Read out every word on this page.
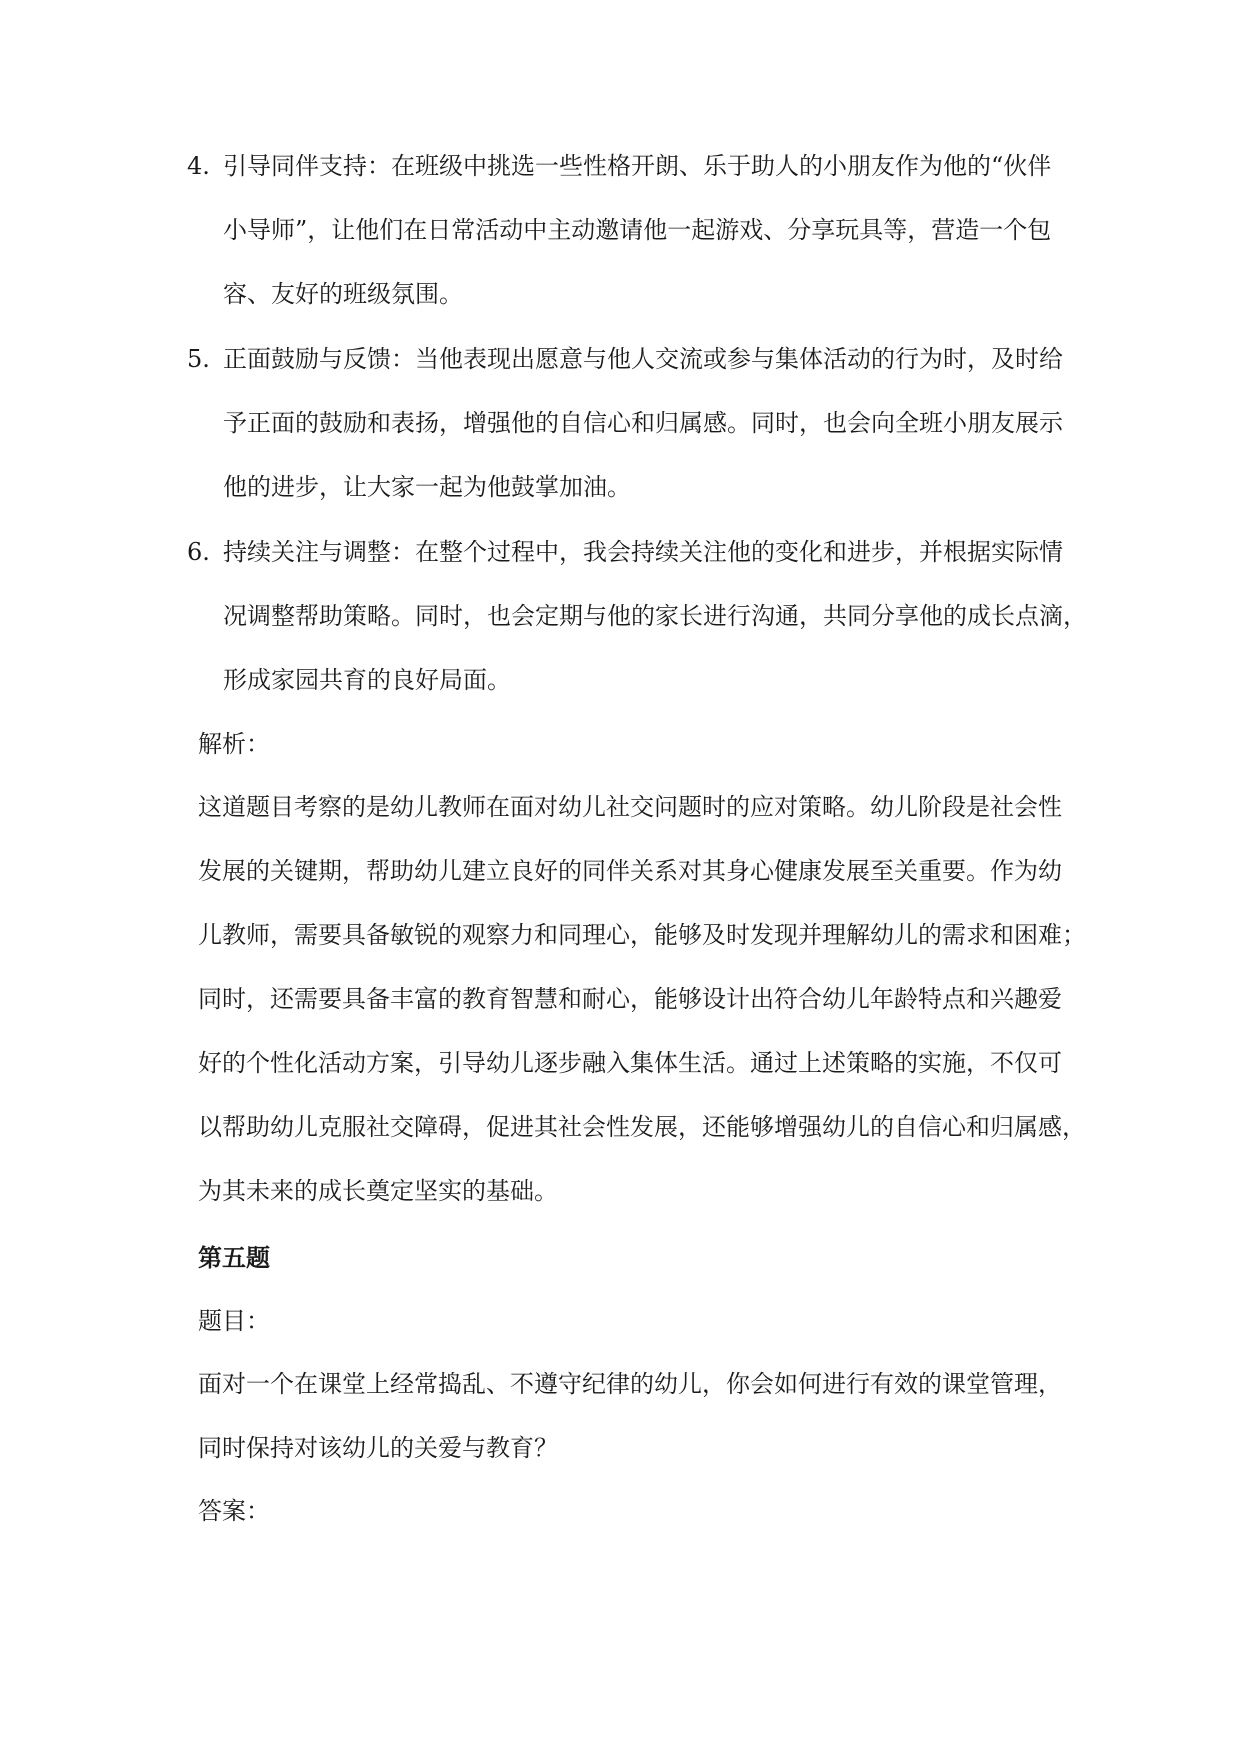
4. 引导同伴支持：在班级中挑选一些性格开朗、乐于助人的小朋友作为他的“伙伴
小导师”，让他们在日常活动中主动邀请他一起游戏、分享玩具等，营造一个包
容、友好的班级氛围。
5. 正面鼓励与反馈：当他表现出愿意与他人交流或参与集体活动的行为时，及时给
予正面的鼓励和表扬，增强他的自信心和归属感。同时，也会向全班小朋友展示
他的进步，让大家一起为他鼓掌加油。
6. 持续关注与调整：在整个过程中，我会持续关注他的变化和进步，并根据实际情
况调整帮助策略。同时，也会定期与他的家长进行沟通，共同分享他的成长点滴，
形成家园共育的良好局面。
解析：
这道题目考察的是幼儿教师在面对幼儿社交问题时的应对策略。幼儿阶段是社会性
发展的关键期，帮助幼儿建立良好的同伴关系对其身心健康发展至关重要。作为幼
儿教师，需要具备敏锐的观察力和同理心，能够及时发现并理解幼儿的需求和困难；
同时，还需要具备丰富的教育智慧和耐心，能够设计出符合幼儿年龄特点和兴趣爱
好的个性化活动方案，引导幼儿逐步融入集体生活。通过上述策略的实施，不仅可
以帮助幼儿克服社交障碍，促进其社会性发展，还能够增强幼儿的自信心和归属感，
为其未来的成长奠定坚实的基础。
第五题
题目：
面对一个在课堂上经常捣乱、不遵守纪律的幼儿，你会如何进行有效的课堂管理，
同时保持对该幼儿的关爱与教育？
答案：
